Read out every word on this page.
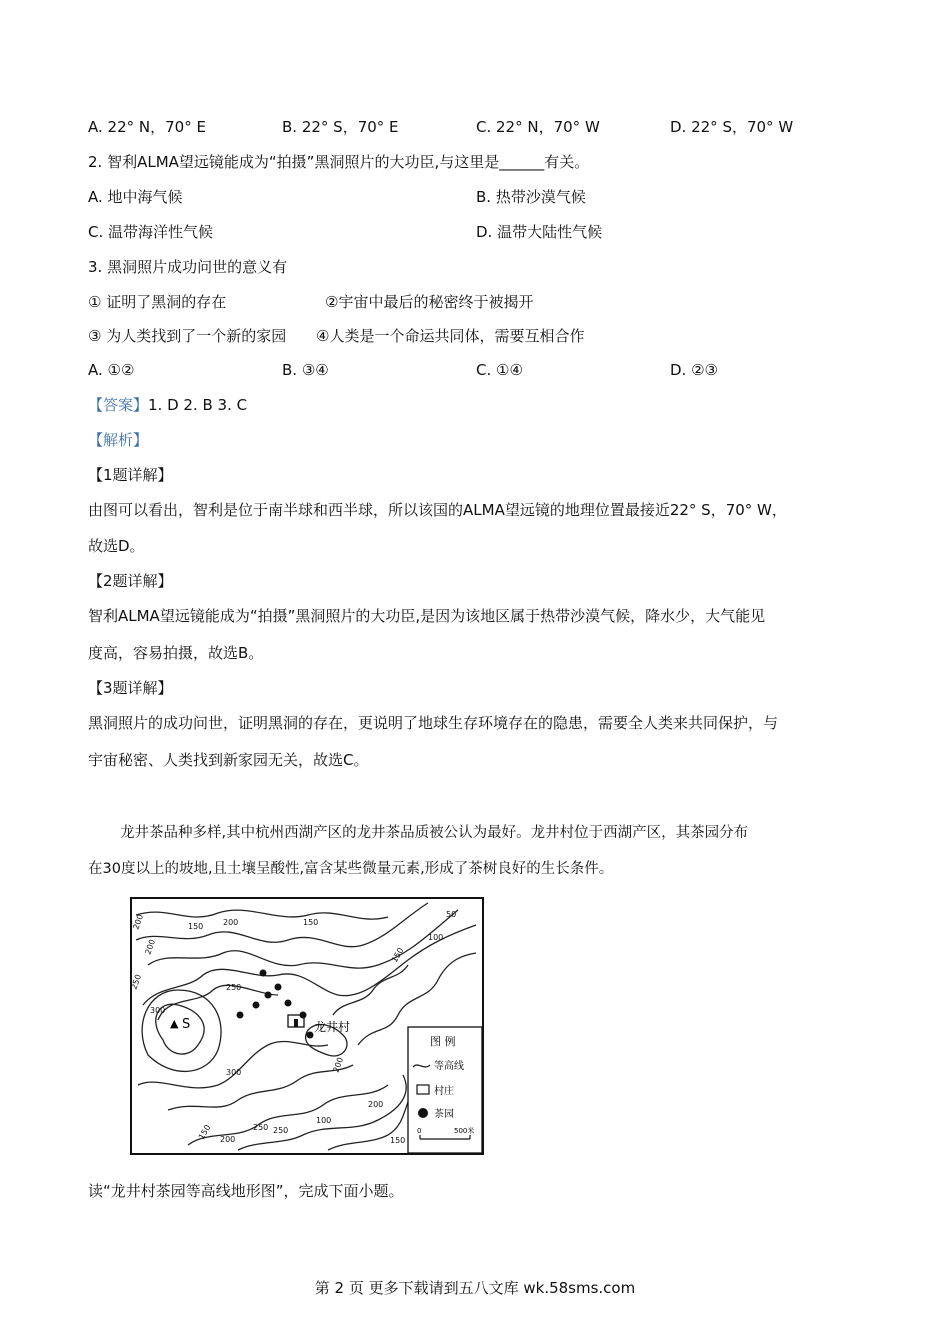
A. 22° N，70° E	B. 22° S，70° E	C. 22° N，70° W	D. 22° S，70° W
2. 智利ALMA望远镜能成为“拍摄”黑洞照片的大功臣,与这里是______有关。
A. 地中海气候	B. 热带沙漠气候
C. 温带海洋性气候	D. 温带大陆性气候
3. 黑洞照片成功问世的意义有
① 证明了黑洞的存在	②宇宙中最后的秘密终于被揭开
③ 为人类找到了一个新的家园 ④人类是一个命运共同体，需要互相合作
A. ①②	B. ③④	C. ①④	D. ②③
【答案】1. D 2. B 3. C
【解析】
【1题详解】
由图可以看出，智利是位于南半球和西半球，所以该国的ALMA望远镜的地理位置最接近22° S，70° W，
故选D。
【2题详解】
智利ALMA望远镜能成为“拍摄”黑洞照片的大功臣,是因为该地区属于热带沙漠气候，降水少，大气能见
度高，容易拍摄，故选B。
【3题详解】
黑洞照片的成功问世，证明黑洞的存在，更说明了地球生存环境存在的隐患，需要全人类来共同保护，与
宇宙秘密、人类找到新家园无关，故选C。
龙井茶品种多样,其中杭州西湖产区的龙井茶品质被公认为最好。龙井村位于西湖产区，其茶园分布
在30度以上的坡地,且土壤呈酸性,富含某些微量元素,形成了茶树良好的生长条件。
▲ S	龙井村
200	150 200	150
50
100
150
250
300
250
300	200
250
150
100
200
250
150
200
200
图 例
等高线
村庄
茶园
0	500米
读“龙井村茶园等高线地形图”，完成下面小题。
第 2 页 更多下载请到五八文库 wk.58sms.com
